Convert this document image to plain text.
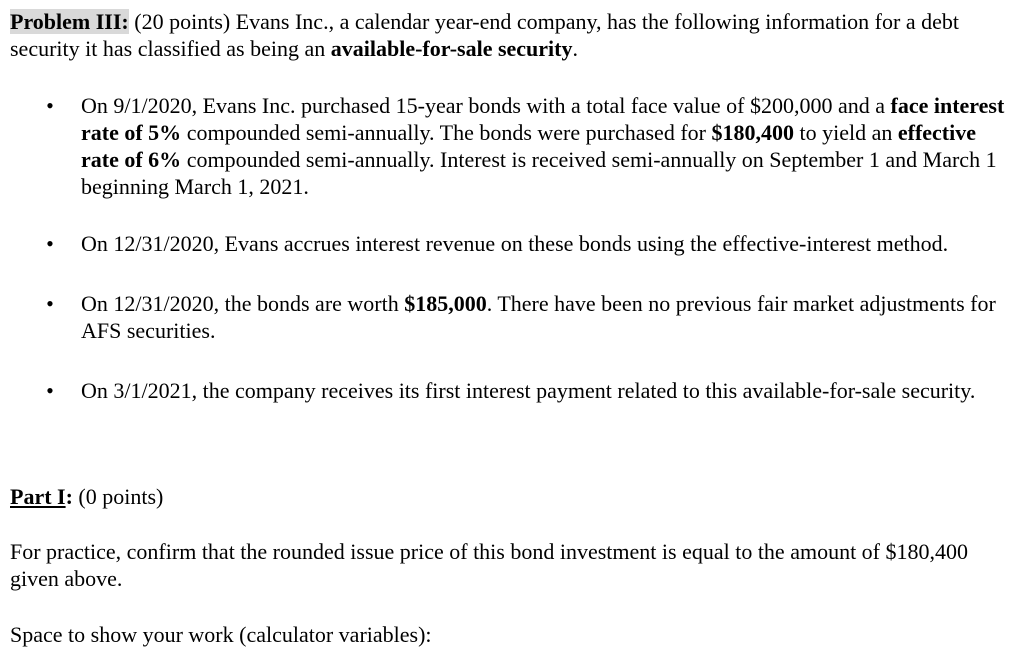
Problem III: (20 points) Evans Inc., a calendar year-end company, has the following information for a debt security it has classified as being an available-for-sale security.
• On 9/1/2020, Evans Inc. purchased 15-year bonds with a total face value of $200,000 and a face interest rate of 5% compounded semi-annually. The bonds were purchased for $180,400 to yield an effective rate of 6% compounded semi-annually. Interest is received semi-annually on September 1 and March 1 beginning March 1, 2021.
• On 12/31/2020, Evans accrues interest revenue on these bonds using the effective-interest method.
• On 12/31/2020, the bonds are worth $185,000. There have been no previous fair market adjustments for AFS securities.
• On 3/1/2021, the company receives its first interest payment related to this available-for-sale security.
Part I: (0 points)
For practice, confirm that the rounded issue price of this bond investment is equal to the amount of $180,400 given above.
Space to show your work (calculator variables):
